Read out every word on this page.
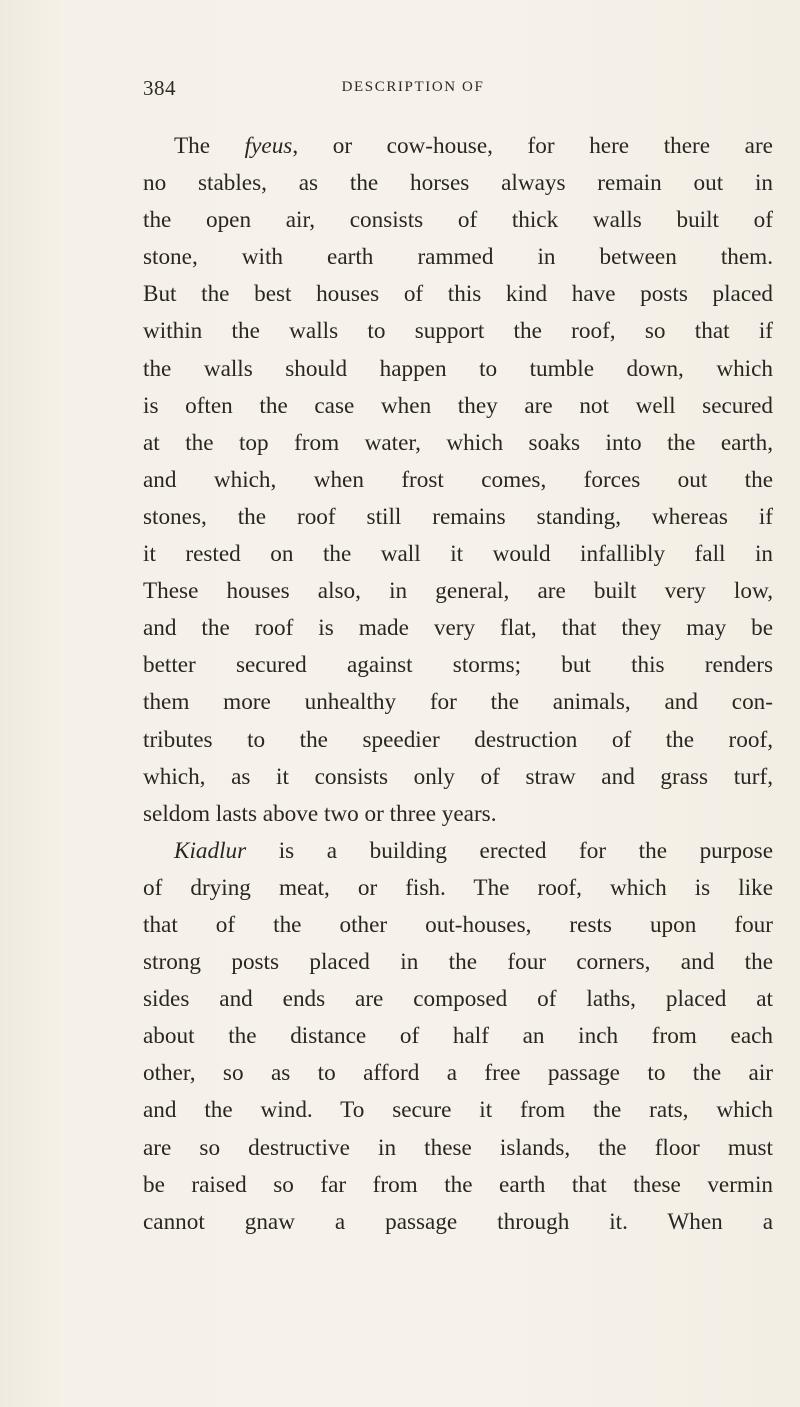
384	DESCRIPTION OF
The fyeus, or cow-house, for here there are
no stables, as the horses always remain out in
the open air, consists of thick walls built of
stone, with earth rammed in between them.
But the best houses of this kind have posts placed
within the walls to support the roof, so that if
the walls should happen to tumble down, which
is often the case when they are not well secured
at the top from water, which soaks into the earth,
and which, when frost comes, forces out the
stones, the roof still remains standing, whereas if
it rested on the wall it would infallibly fall in
These houses also, in general, are built very low,
and the roof is made very flat, that they may be
better secured against storms; but this renders
them more unhealthy for the animals, and con-
tributes to the speedier destruction of the roof,
which, as it consists only of straw and grass turf,
seldom lasts above two or three years.
Kiadlur is a building erected for the purpose
of drying meat, or fish. The roof, which is like
that of the other out-houses, rests upon four
strong posts placed in the four corners, and the
sides and ends are composed of laths, placed at
about the distance of half an inch from each
other, so as to afford a free passage to the air
and the wind. To secure it from the rats, which
are so destructive in these islands, the floor must
be raised so far from the earth that these vermin
cannot gnaw a passage through it. When a
